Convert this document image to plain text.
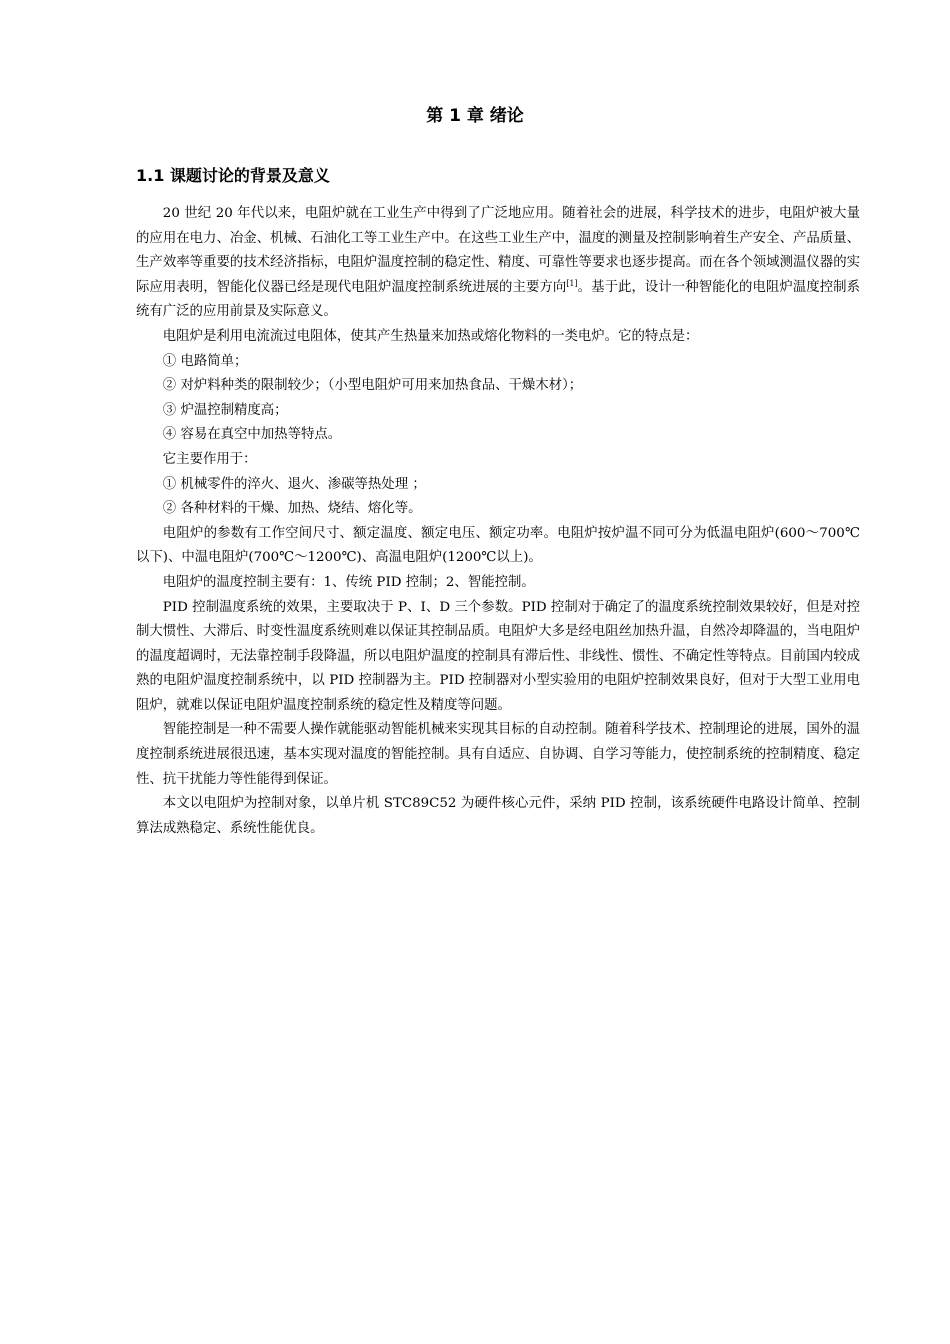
第 1 章 绪论
1.1 课题讨论的背景及意义

20 世纪 20 年代以来，电阻炉就在工业生产中得到了广泛地应用。随着社会的进展，科学技术的进步，电阻炉被大量的应用在电力、冶金、机械、石油化工等工业生产中。在这些工业生产中，温度的测量及控制影响着生产安全、产品质量、生产效率等重要的技术经济指标，电阻炉温度控制的稳定性、精度、可靠性等要求也逐步提高。而在各个领域测温仪器的实际应用表明，智能化仪器已经是现代电阻炉温度控制系统进展的主要方向[1]。基于此，设计一种智能化的电阻炉温度控制系统有广泛的应用前景及实际意义。

电阻炉是利用电流流过电阻体，使其产生热量来加热或熔化物料的一类电炉。它的特点是：

① 电路简单；

② 对炉料种类的限制较少；（小型电阻炉可用来加热食品、干燥木材）；

③ 炉温控制精度高；

④ 容易在真空中加热等特点。

它主要作用于：

① 机械零件的淬火、退火、渗碳等热处理 ；

② 各种材料的干燥、加热、烧结、熔化等。

电阻炉的参数有工作空间尺寸、额定温度、额定电压、额定功率。电阻炉按炉温不同可分为低温电阻炉(600～700℃以下)、中温电阻炉(700℃～1200℃)、高温电阻炉(1200℃以上)。

电阻炉的温度控制主要有：1、传统 PID 控制；2、智能控制。

PID 控制温度系统的效果，主要取决于 P、I、D 三个参数。PID 控制对于确定了的温度系统控制效果较好，但是对控制大惯性、大滞后、时变性温度系统则难以保证其控制品质。电阻炉大多是经电阻丝加热升温，自然冷却降温的，当电阻炉的温度超调时，无法靠控制手段降温，所以电阻炉温度的控制具有滞后性、非线性、惯性、不确定性等特点。目前国内较成熟的电阻炉温度控制系统中，以 PID 控制器为主。PID 控制器对小型实验用的电阻炉控制效果良好，但对于大型工业用电阻炉，就难以保证电阻炉温度控制系统的稳定性及精度等问题。

智能控制是一种不需要人操作就能驱动智能机械来实现其目标的自动控制。随着科学技术、控制理论的进展，国外的温度控制系统进展很迅速，基本实现对温度的智能控制。具有自适应、自协调、自学习等能力，使控制系统的控制精度、稳定性、抗干扰能力等性能得到保证。

本文以电阻炉为控制对象，以单片机 STC89C52 为硬件核心元件，采纳 PID 控制，该系统硬件电路设计简单、控制算法成熟稳定、系统性能优良。
